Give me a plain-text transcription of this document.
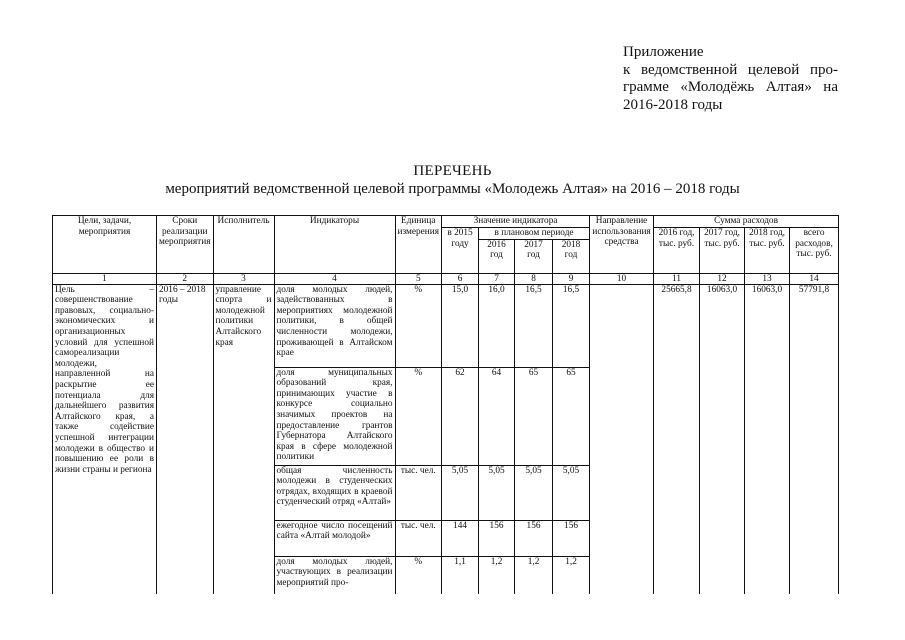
Приложение
к ведомственной целевой про-
грамме «Молодёжь Алтая» на
2016-2018 годы
ПЕРЕЧЕНЬ
мероприятий ведомственной целевой программы «Молодежь Алтая» на 2016 – 2018 годы
Цели, задачи, мероприятия	Сроки реализации мероприятия	Исполнитель	Индикаторы	Единица измерения	Значение индикатора				Направление использования средства	Сумма расходов			
					в 2015 году	в плановом периоде				2016 год, тыс. руб.	2017 год, тыс. руб.	2018 год, тыс. руб.	всего расходов, тыс. руб.
						2016 год	2017 год	2018 год					
1	2	3	4	5	6	7	8	9	10	11	12	13	14
Цель – совершенствование правовых, социально-экономических и организационных условий для успешной самореализации молодежи, направленной на раскрытие ее потенциала для дальнейшего развития Алтайского края, а также содействие успешной интеграции молодежи в общество и повышению ее роли в жизни страны и региона	2016 – 2018 годы	управление спорта и молодежной политики Алтайского края	доля молодых людей, задействованных в мероприятиях молодежной политики, в общей численности молодежи, проживающей в Алтайском крае	%	15,0	16,0	16,5	16,5		25665,8	16063,0	16063,0	57791,8
			доля муниципальных образований края, принимающих участие в конкурсе социально значимых проектов на предоставление грантов Губернатора Алтайского края в сфере молодежной политики	%	62	64	65	65					
			общая численность молодежи в студенческих отрядах, входящих в краевой студенческий отряд «Алтай»	тыс. чел.	5,05	5,05	5,05	5,05					
			ежегодное число посещений сайта «Алтай молодой»	тыс. чел.	144	156	156	156					
			доля молодых людей, участвующих в реализации мероприятий про-	%	1,1	1,2	1,2	1,2					
